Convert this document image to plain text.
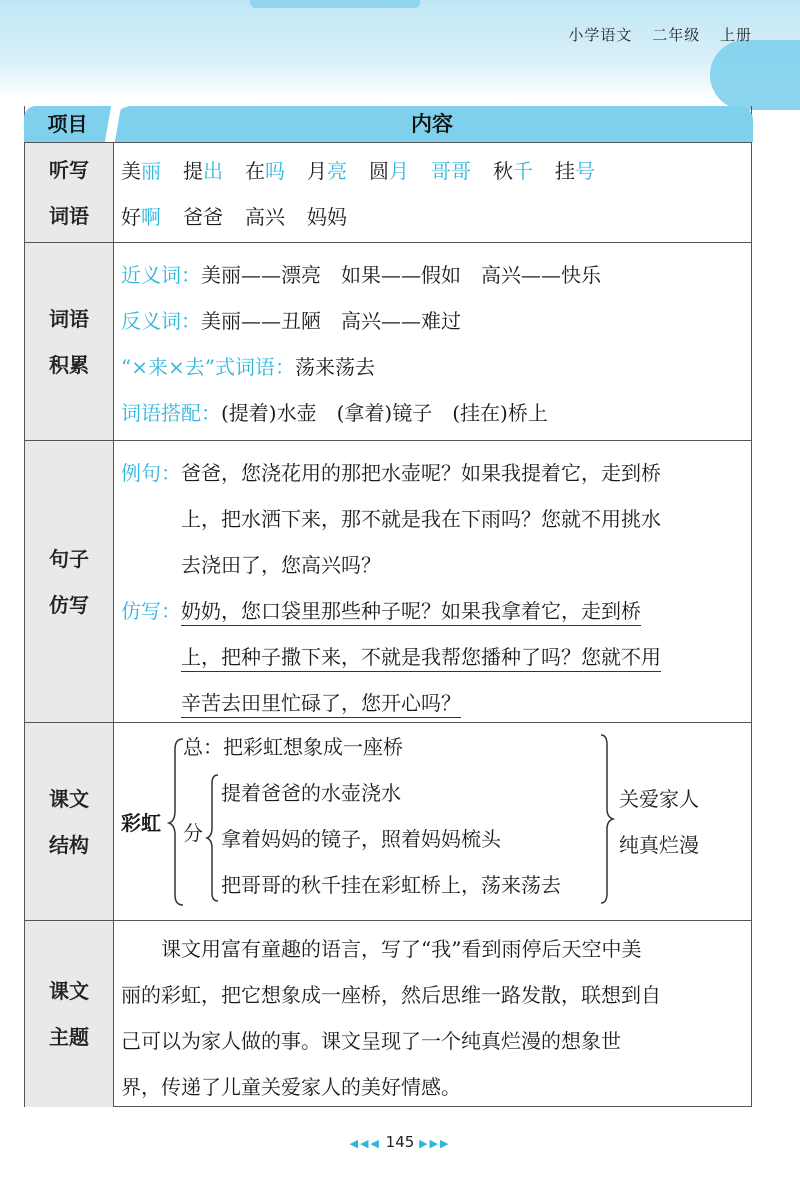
小学语文 二年级 上册
项目	内容
听写
词语
美丽 提出 在吗 月亮 圆月 哥哥 秋千 挂号
好啊 爸爸 高兴 妈妈
词语
积累
近义词：美丽——漂亮　如果——假如　高兴——快乐
反义词：美丽——丑陋　高兴——难过
“×来×去”式词语：荡来荡去
词语搭配：(提着)水壶　(拿着)镜子　(挂在)桥上
句子
仿写
例句：爸爸，您浇花用的那把水壶呢？如果我提着它，走到桥
上，把水洒下来，那不就是我在下雨吗？您就不用挑水
去浇田了，您高兴吗？
仿写：奶奶，您口袋里那些种子呢？如果我拿着它，走到桥
上，把种子撒下来，不就是我帮您播种了吗？您就不用
辛苦去田里忙碌了，您开心吗？
课文
结构
彩虹
总：把彩虹想象成一座桥
分
提着爸爸的水壶浇水
拿着妈妈的镜子，照着妈妈梳头
把哥哥的秋千挂在彩虹桥上，荡来荡去
关爱家人
纯真烂漫
课文
主题
课文用富有童趣的语言，写了“我”看到雨停后天空中美
丽的彩虹，把它想象成一座桥，然后思维一路发散，联想到自
己可以为家人做的事。课文呈现了一个纯真烂漫的想象世
界，传递了儿童关爱家人的美好情感。
◀◀◀ 145 ▶▶▶
